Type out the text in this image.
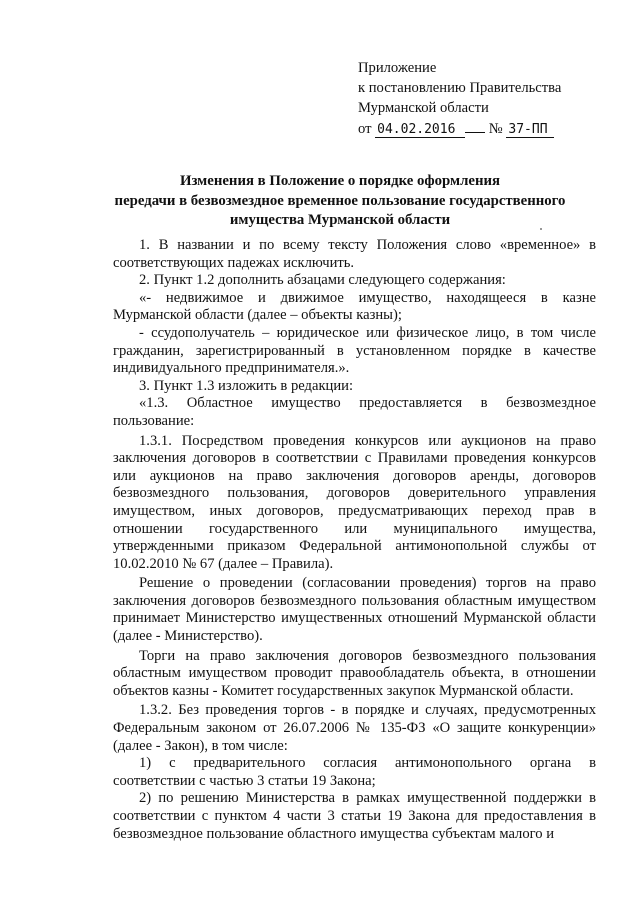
Приложение
к постановлению Правительства
Мурманской области
от 04.02.2016 № 37-ПП
Изменения в Положение о порядке оформления
передачи в безвозмездное временное пользование государственного
имущества Мурманской области

1. В названии и по всему тексту Положения слово «временное» в соответствующих падежах исключить.

2. Пункт 1.2 дополнить абзацами следующего содержания:

«- недвижимое и движимое имущество, находящееся в казне Мурманской области (далее – объекты казны);

- ссудополучатель – юридическое или физическое лицо, в том числе гражданин, зарегистрированный в установленном порядке в качестве индивидуального предпринимателя.».

3. Пункт 1.3 изложить в редакции:

«1.3. Областное имущество предоставляется в безвозмездное пользование:

1.3.1. Посредством проведения конкурсов или аукционов на право заключения договоров в соответствии с Правилами проведения конкурсов или аукционов на право заключения договоров аренды, договоров безвозмездного пользования, договоров доверительного управления имуществом, иных договоров, предусматривающих переход прав в отношении государственного или муниципального имущества, утвержденными приказом Федеральной антимонопольной службы от 10.02.2010 № 67 (далее – Правила).

Решение о проведении (согласовании проведения) торгов на право заключения договоров безвозмездного пользования областным имуществом принимает Министерство имущественных отношений Мурманской области (далее - Министерство).

Торги на право заключения договоров безвозмездного пользования областным имуществом проводит правообладатель объекта, в отношении объектов казны - Комитет государственных закупок Мурманской области.

1.3.2. Без проведения торгов - в порядке и случаях, предусмотренных Федеральным законом от 26.07.2006 № 135-ФЗ «О защите конкуренции» (далее - Закон), в том числе:

1) с предварительного согласия антимонопольного органа в соответствии с частью 3 статьи 19 Закона;

2) по решению Министерства в рамках имущественной поддержки в соответствии с пунктом 4 части 3 статьи 19 Закона для предоставления в безвозмездное пользование областного имущества субъектам малого и
